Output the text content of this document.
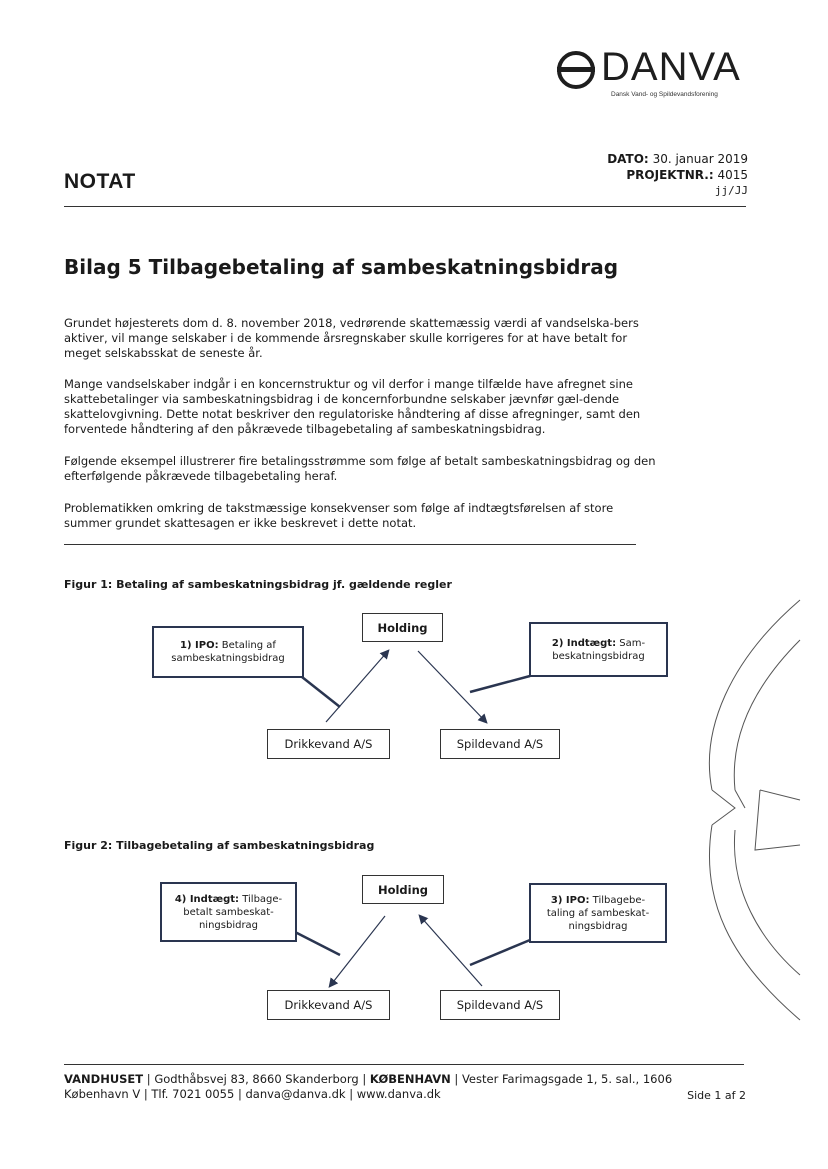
DANVA
Dansk Vand- og Spildevandsforening
DATO: 30. januar 2019
PROJEKTNR.: 4015
jj/JJ
NOTAT
Bilag 5 Tilbagebetaling af sambeskatningsbidrag
Grundet højesterets dom d. 8. november 2018, vedrørende skattemæssig værdi af vandselska-bers aktiver, vil mange selskaber i de kommende årsregnskaber skulle korrigeres for at have betalt for meget selskabsskat de seneste år.
Mange vandselskaber indgår i en koncernstruktur og vil derfor i mange tilfælde have afregnet sine skattebetalinger via sambeskatningsbidrag i de koncernforbundne selskaber jævnfør gæl-dende skattelovgivning. Dette notat beskriver den regulatoriske håndtering af disse afregninger, samt den forventede håndtering af den påkrævede tilbagebetaling af sambeskatningsbidrag.
Følgende eksempel illustrerer fire betalingsstrømme som følge af betalt sambeskatningsbidrag og den efterfølgende påkrævede tilbagebetaling heraf.
Problematikken omkring de takstmæssige konsekvenser som følge af indtægtsførelsen af store summer grundet skattesagen er ikke beskrevet i dette notat.
Figur 1: Betaling af sambeskatningsbidrag jf. gældende regler
Holding
Drikkevand A/S	Spildevand A/S
1) IPO: Betaling af sambeskatningsbidrag
2) Indtægt: Sam-beskatningsbidrag
Figur 2: Tilbagebetaling af sambeskatningsbidrag
Holding
Drikkevand A/S	Spildevand A/S
4) Indtægt: Tilbage-betalt sambeskat-ningsbidrag
3) IPO: Tilbagebe-taling af sambeskat-ningsbidrag
VANDHUSET | Godthåbsvej 83, 8660 Skanderborg | KØBENHAVN | Vester Farimagsgade 1, 5. sal., 1606 København V | Tlf. 7021 0055 | danva@danva.dk | www.danva.dk	Side 1 af 2
